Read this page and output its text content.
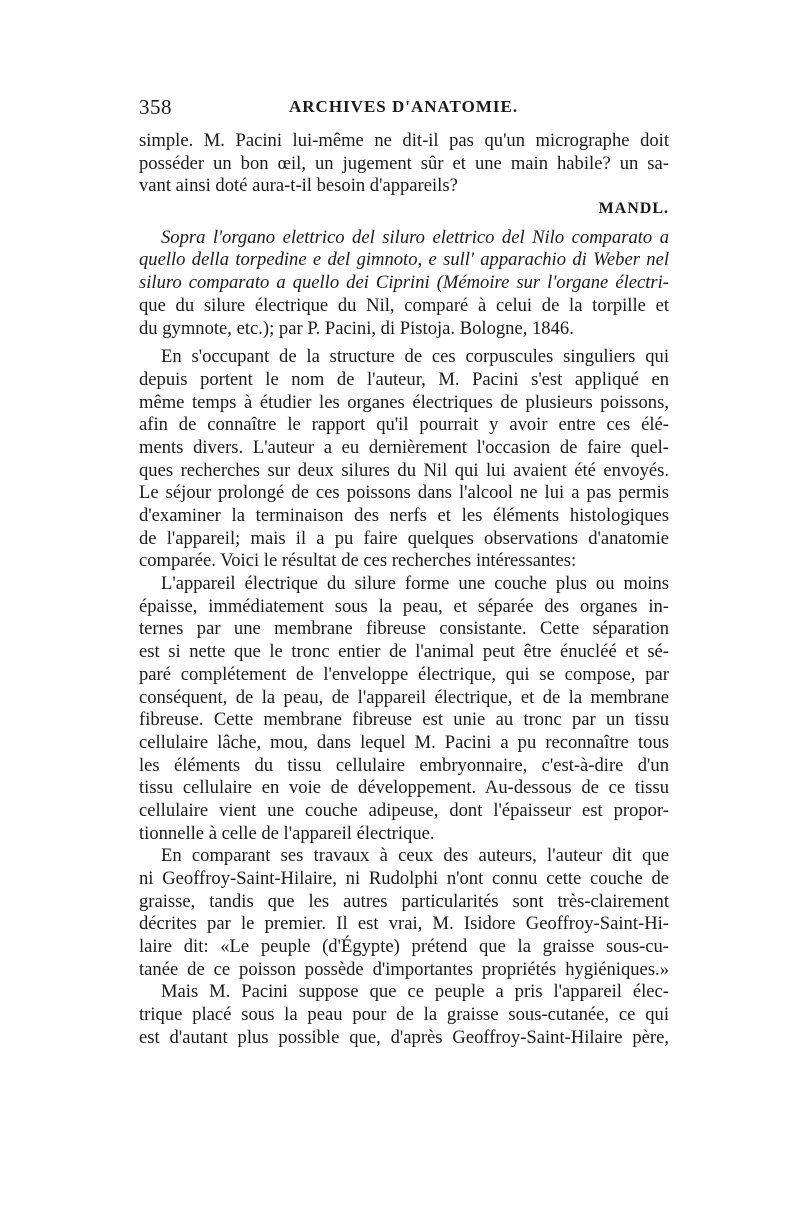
358	ARCHIVES D'ANATOMIE.
simple. M. Pacini lui-même ne dit-il pas qu'un micrographe doit
posséder un bon œil, un jugement sûr et une main habile? un sa-
vant ainsi doté aura-t-il besoin d'appareils?
MANDL.
Sopra l'organo elettrico del siluro elettrico del Nilo comparato a
quello della torpedine e del gimnoto, e sull' apparachio di Weber nel
siluro comparato a quello dei Ciprini (Mémoire sur l'organe électri-
que du silure électrique du Nil, comparé à celui de la torpille et
du gymnote, etc.); par P. Pacini, di Pistoja. Bologne, 1846.
En s'occupant de la structure de ces corpuscules singuliers qui
depuis portent le nom de l'auteur, M. Pacini s'est appliqué en
même temps à étudier les organes électriques de plusieurs poissons,
afin de connaître le rapport qu'il pourrait y avoir entre ces élé-
ments divers. L'auteur a eu dernièrement l'occasion de faire quel-
ques recherches sur deux silures du Nil qui lui avaient été envoyés.
Le séjour prolongé de ces poissons dans l'alcool ne lui a pas permis
d'examiner la terminaison des nerfs et les éléments histologiques
de l'appareil; mais il a pu faire quelques observations d'anatomie
comparée. Voici le résultat de ces recherches intéressantes:
L'appareil électrique du silure forme une couche plus ou moins
épaisse, immédiatement sous la peau, et séparée des organes in-
ternes par une membrane fibreuse consistante. Cette séparation
est si nette que le tronc entier de l'animal peut être énucléé et sé-
paré complétement de l'enveloppe électrique, qui se compose, par
conséquent, de la peau, de l'appareil électrique, et de la membrane
fibreuse. Cette membrane fibreuse est unie au tronc par un tissu
cellulaire lâche, mou, dans lequel M. Pacini a pu reconnaître tous
les éléments du tissu cellulaire embryonnaire, c'est-à-dire d'un
tissu cellulaire en voie de développement. Au-dessous de ce tissu
cellulaire vient une couche adipeuse, dont l'épaisseur est propor-
tionnelle à celle de l'appareil électrique.
En comparant ses travaux à ceux des auteurs, l'auteur dit que
ni Geoffroy-Saint-Hilaire, ni Rudolphi n'ont connu cette couche de
graisse, tandis que les autres particularités sont très-clairement
décrites par le premier. Il est vrai, M. Isidore Geoffroy-Saint-Hi-
laire dit: «Le peuple (d'Égypte) prétend que la graisse sous-cu-
tanée de ce poisson possède d'importantes propriétés hygiéniques.»
Mais M. Pacini suppose que ce peuple a pris l'appareil élec-
trique placé sous la peau pour de la graisse sous-cutanée, ce qui
est d'autant plus possible que, d'après Geoffroy-Saint-Hilaire père,
